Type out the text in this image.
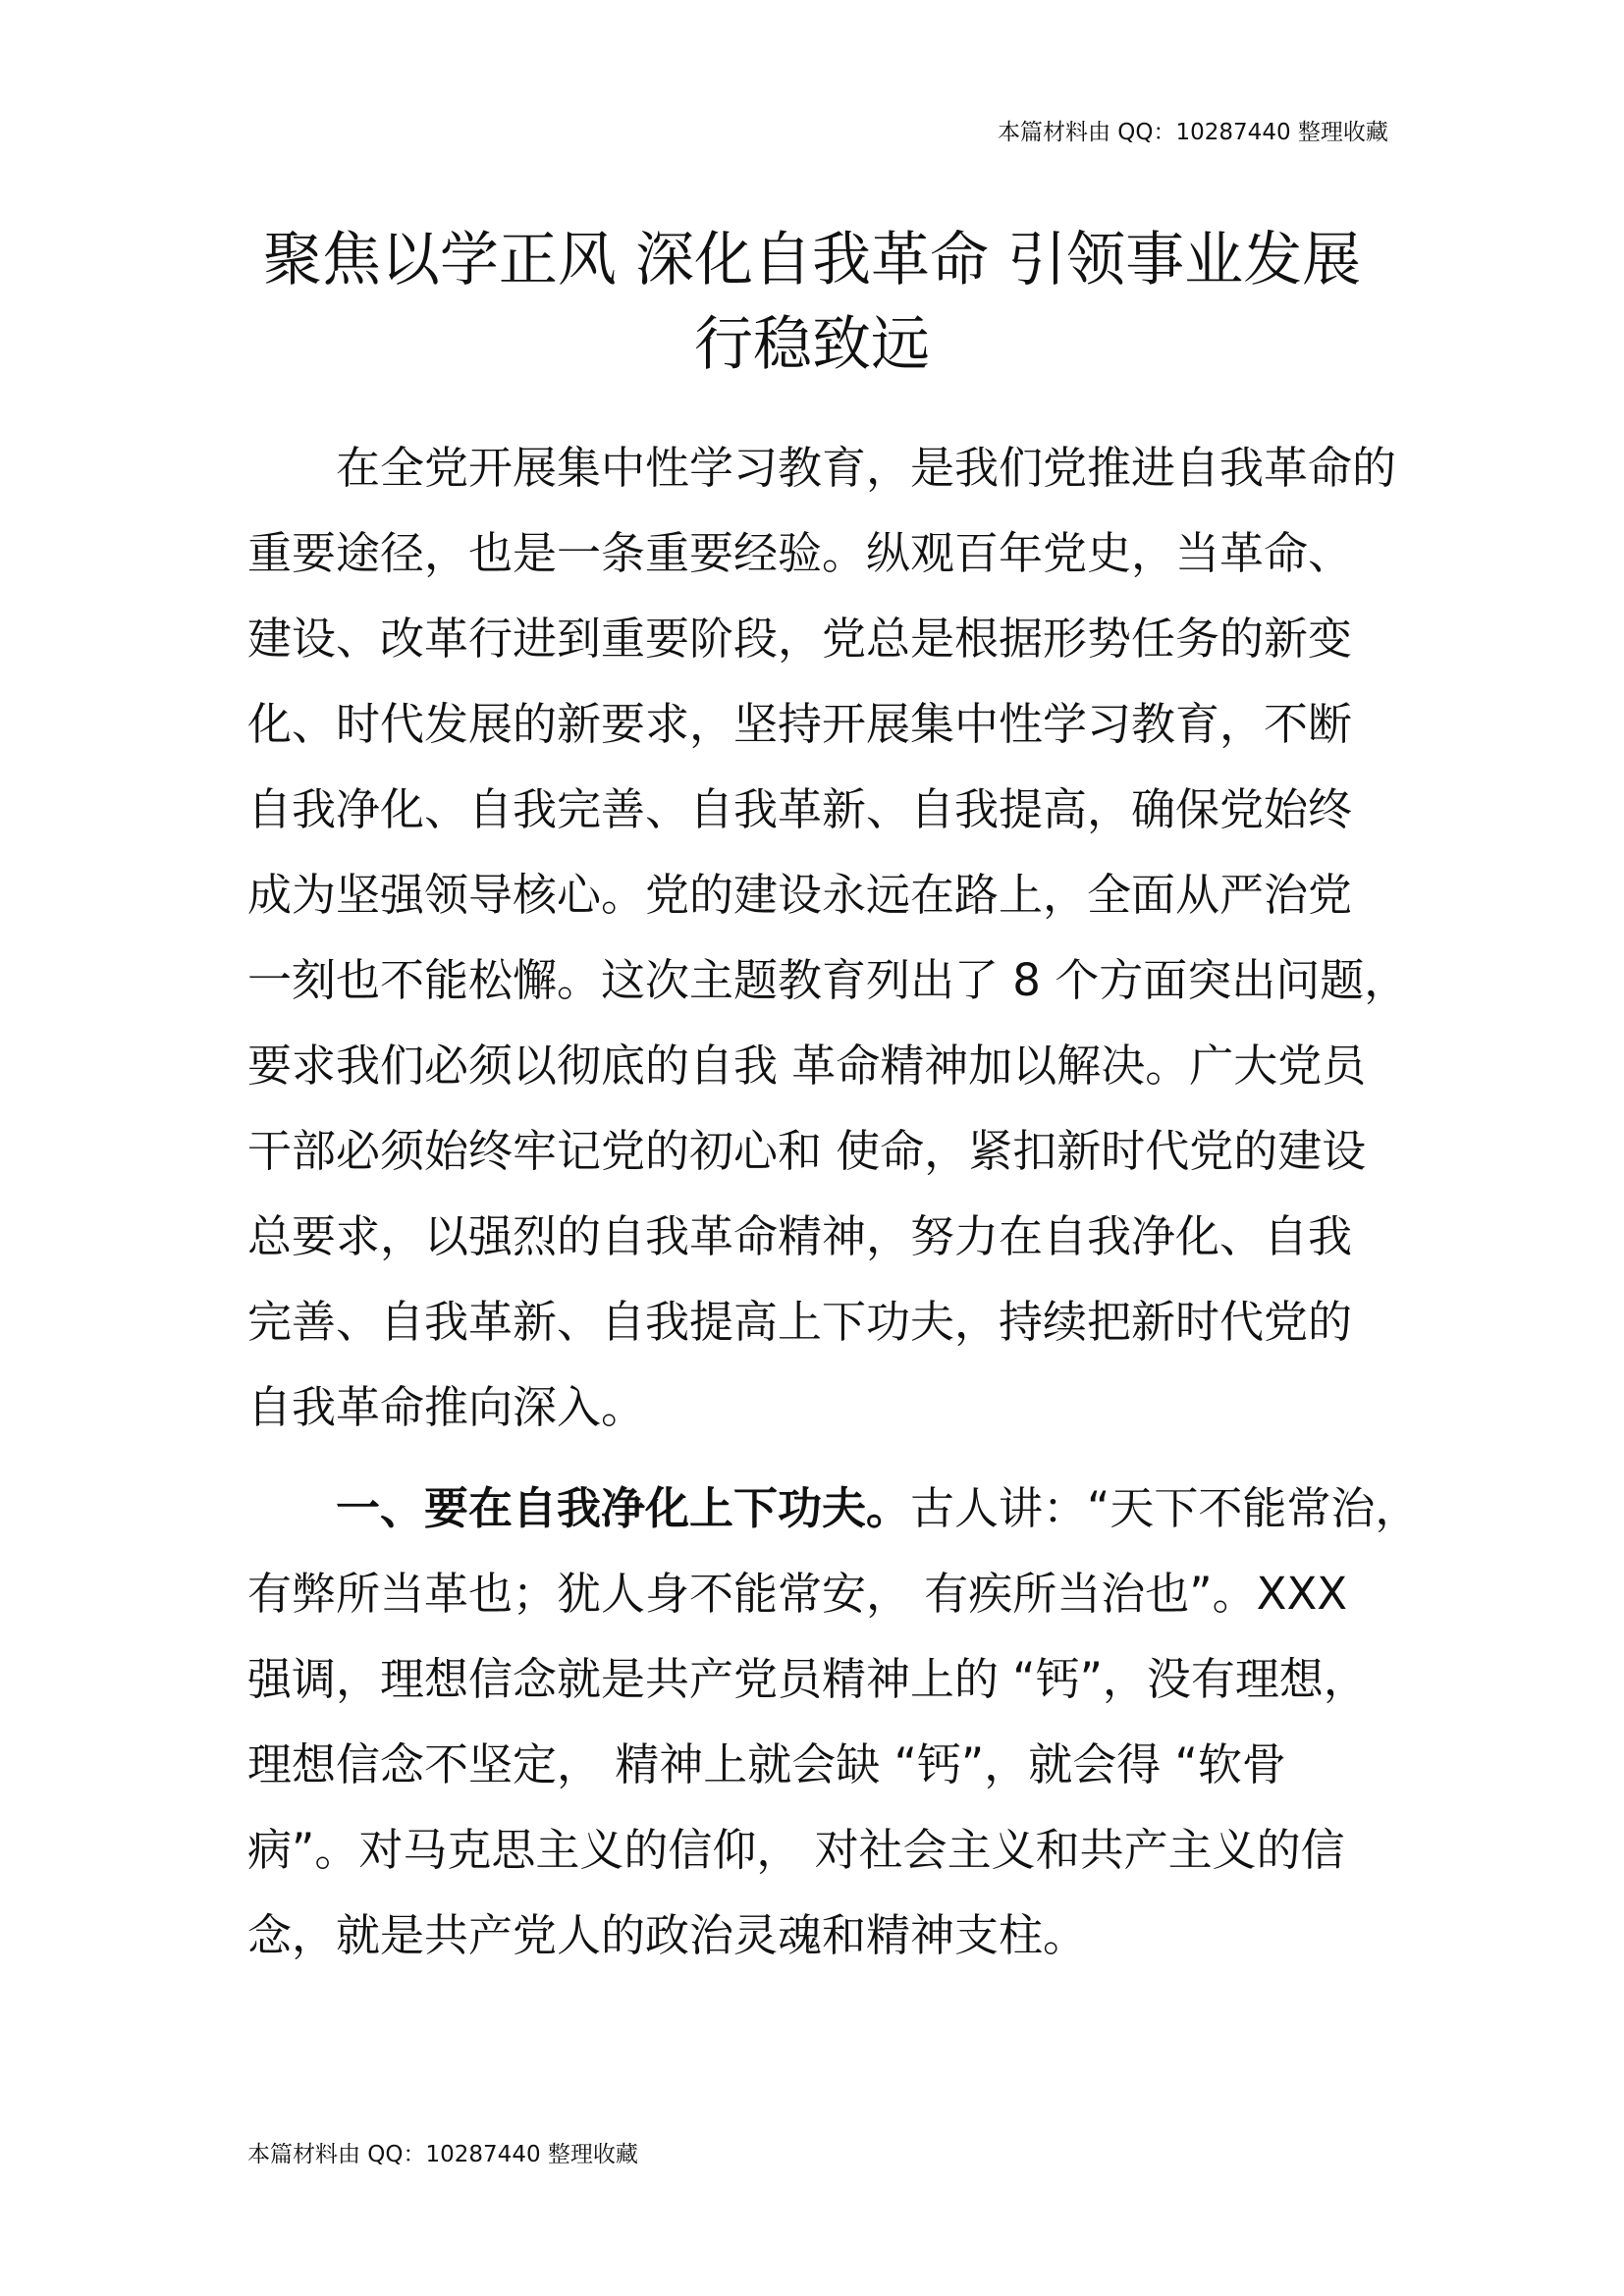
本篇材料由 QQ：10287440 整理收藏
聚焦以学正风 深化自我革命 引领事业发展
行稳致远

在全党开展集中性学习教育，是我们党推进自我革命的
重要途径，也是一条重要经验。纵观百年党史，当革命、
建设、改革行进到重要阶段，党总是根据形势任务的新变
化、时代发展的新要求，坚持开展集中性学习教育，不断
自我净化、自我完善、自我革新、自我提高，确保党始终
成为坚强领导核心。党的建设永远在路上，全面从严治党
一刻也不能松懈。这次主题教育列出了 8 个方面突出问题，
要求我们必须以彻底的自我 革命精神加以解决。广大党员
干部必须始终牢记党的初心和 使命，紧扣新时代党的建设
总要求，以强烈的自我革命精神，努力在自我净化、自我
完善、自我革新、自我提高上下功夫，持续把新时代党的
自我革命推向深入。

一、要在自我净化上下功夫。古人讲：“天下不能常治，
有弊所当革也；犹人身不能常安， 有疾所当治也”。XXX
强调，理想信念就是共产党员精神上的 “钙”，没有理想，
理想信念不坚定， 精神上就会缺 “钙”，就会得 “软骨
病”。对马克思主义的信仰， 对社会主义和共产主义的信
念，就是共产党人的政治灵魂和精神支柱。

本篇材料由 QQ：10287440 整理收藏
